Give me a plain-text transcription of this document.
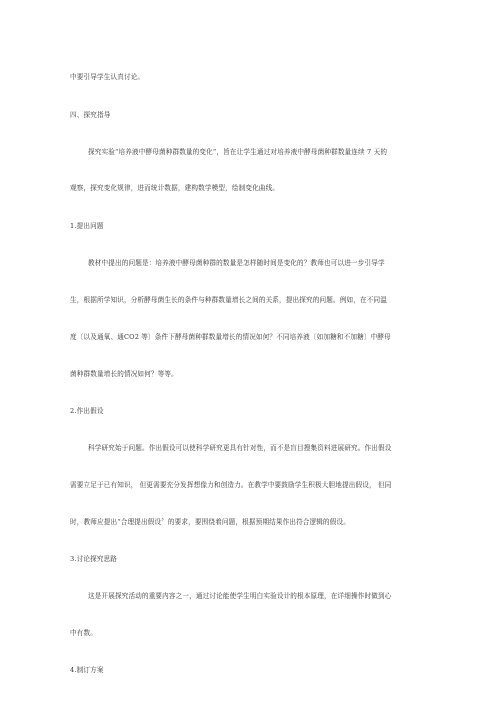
中要引导学生认真讨论。
四、探究指导
探究实验“培养液中酵母菌种群数量的变化”，旨在让学生通过对培养液中酵母菌种群数量连续 7 天的
观察，探究变化规律，进而统计数据，建构数学模型，绘制变化曲线。
1.提出问题
教材中提出的问题是：培养液中酵母菌种群的数量是怎样随时间是变化的？教师也可以进一步引导学
生，根据所学知识，分析酵母菌生长的条件与种群数量增长之间的关系，提出探究的问题。例如，在不同温
度〔以及通氧、通CO2 等〕条件下酵母菌种群数量增长的情况如何？不同培养液〔如加糖和不加糖〕中酵母
菌种群数量增长的情况如何？等等。
2.作出假设
科学研究始于问题。作出假设可以使科学研究更具有针对性，而不是盲目搜集资料进展研究。作出假设
需要立足于已有知识， 但更需要充分发挥想像力和创造力。在教学中要鼓励学生积极大胆地提出假设， 但同
时，教师应提出“合理提出假设〞的要求，要围绕着问题，根据预期结果作出符合逻辑的假设。
3.讨论探究思路
这是开展探究活动的重要内容之一，通过讨论能使学生明白实验设计的根本原理，在详细操作时做到心
中有数。
4.制订方案
